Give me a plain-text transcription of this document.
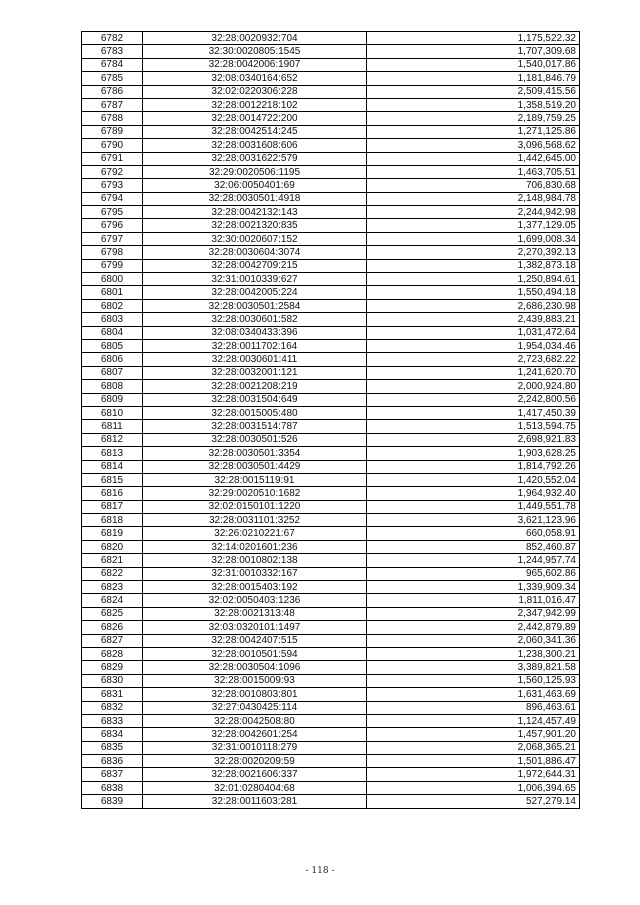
6782	32:28:0020932:704	1,175,522.32
6783	32:30:0020805:1545	1,707,309.68
6784	32:28:0042006:1907	1,540,017.86
6785	32:08:0340164:652	1,181,846.79
6786	32:02:0220306:228	2,509,415.56
6787	32:28:0012218:102	1,358,519.20
6788	32:28:0014722:200	2,189,759.25
6789	32:28:0042514:245	1,271,125.86
6790	32:28:0031608:606	3,096,568.62
6791	32:28:0031622:579	1,442,645.00
6792	32:29:0020506:1195	1,463,705.51
6793	32:06:0050401:69	706,830.68
6794	32:28:0030501:4918	2,148,984.78
6795	32:28:0042132:143	2,244,942.98
6796	32:28:0021320:835	1,377,129.05
6797	32:30:0020607:152	1,699,008.34
6798	32:28:0030604:3074	2,270,392.13
6799	32:28:0042709:215	1,382,873.18
6800	32:31:0010339:627	1,250,894.61
6801	32:28:0042005:224	1,550,494.18
6802	32:28:0030501:2584	2,686,230.98
6803	32:28:0030601:582	2,439,883.21
6804	32:08:0340433:396	1,031,472.64
6805	32:28:0011702:164	1,954,034.46
6806	32:28:0030601:411	2,723,682.22
6807	32:28:0032001:121	1,241,620.70
6808	32:28:0021208:219	2,000,924.80
6809	32:28:0031504:649	2,242,800.56
6810	32:28:0015005:480	1,417,450.39
6811	32:28:0031514:787	1,513,594.75
6812	32:28:0030501:526	2,698,921.83
6813	32:28:0030501:3354	1,903,628.25
6814	32:28:0030501:4429	1,814,792.26
6815	32:28:0015119:91	1,420,552.04
6816	32:29:0020510:1682	1,964,932.40
6817	32:02:0150101:1220	1,449,551.78
6818	32:28:0031101:3252	3,621,123.96
6819	32:26:0210221:67	660,058.91
6820	32:14:0201601:236	852,460.87
6821	32:28:0010802:138	1,244,957.74
6822	32:31:0010332:167	965,602.86
6823	32:28:0015403:192	1,339,909.34
6824	32:02:0050403:1236	1,811,016.47
6825	32:28:0021313:48	2,347,942.99
6826	32:03:0320101:1497	2,442,879.89
6827	32:28:0042407:515	2,060,341.36
6828	32:28:0010501:594	1,238,300.21
6829	32:28:0030504:1096	3,389,821.58
6830	32:28:0015009:93	1,560,125.93
6831	32:28:0010803:801	1,631,463.69
6832	32:27:0430425:114	896,463.61
6833	32:28:0042508:80	1,124,457.49
6834	32:28:0042601:254	1,457,901.20
6835	32:31:0010118:279	2,068,365.21
6836	32:28:0020209:59	1,501,886.47
6837	32:28:0021606:337	1,972,644.31
6838	32:01:0280404:68	1,006,394.65
6839	32:28:0011603:281	527,279.14
- 118 -
